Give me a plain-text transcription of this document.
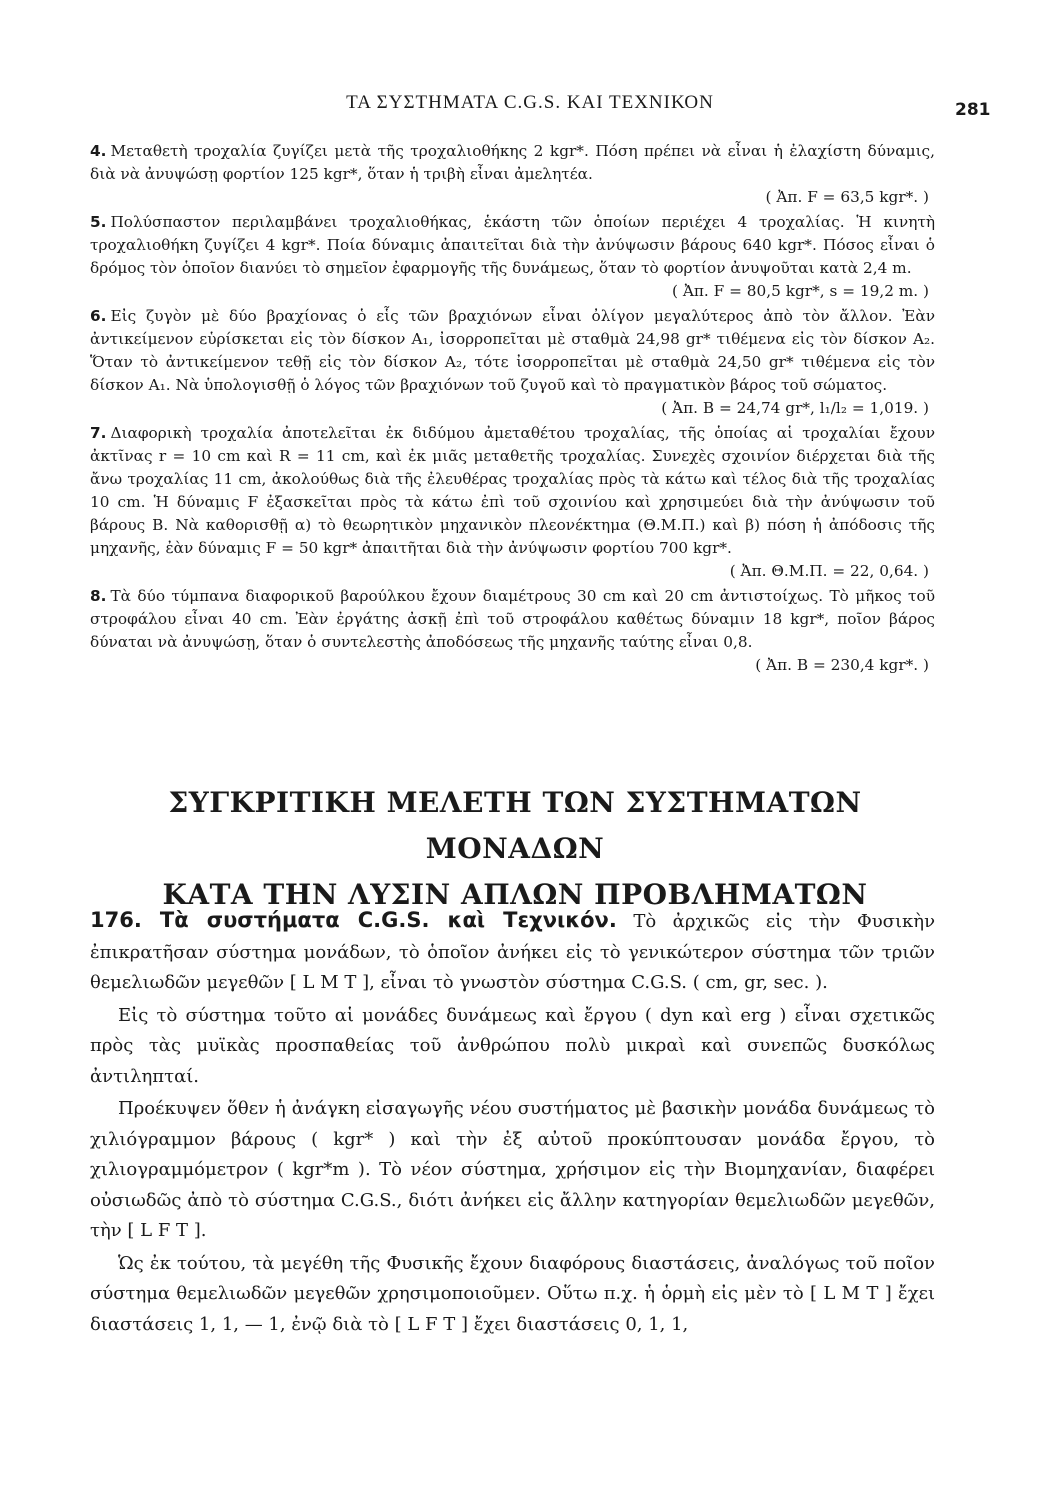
ΤΑ ΣΥΣΤΗΜΑΤΑ C.G.S. ΚΑΙ ΤΕΧΝΙΚΟΝ	281
4. Μεταθετὴ τροχαλία ζυγίζει μετὰ τῆς τροχαλιοθήκης 2 kgr*. Πόση πρέπει νὰ εἶναι ἡ ἐλαχίστη δύναμις, διὰ νὰ ἀνυψώσῃ φορτίον 125 kgr*, ὅταν ἡ τριβὴ εἶναι ἀμελητέα.
( Ἀπ. F = 63,5 kgr*. )
5. Πολύσπαστον περιλαμβάνει τροχαλιοθήκας, ἑκάστη τῶν ὁποίων περιέχει 4 τροχαλίας. Ἡ κινητὴ τροχαλιοθήκη ζυγίζει 4 kgr*. Ποία δύναμις ἀπαιτεῖται διὰ τὴν ἀνύψωσιν βάρους 640 kgr*. Πόσος εἶναι ὁ δρόμος τὸν ὁποῖον διανύει τὸ σημεῖον ἐφαρμογῆς τῆς δυνάμεως, ὅταν τὸ φορτίον ἀνυψοῦται κατὰ 2,4 m.
( Ἀπ. F = 80,5 kgr*, s = 19,2 m. )
6. Εἰς ζυγὸν μὲ δύο βραχίονας ὁ εἷς τῶν βραχιόνων εἶναι ὀλίγον μεγαλύτερος ἀπὸ τὸν ἄλλον. Ἐὰν ἀντικείμενον εὑρίσκεται εἰς τὸν δίσκον A₁, ἰσορροπεῖται μὲ σταθμὰ 24,98 gr* τιθέμενα εἰς τὸν δίσκον A₂. Ὅταν τὸ ἀντικείμενον τεθῇ εἰς τὸν δίσκον A₂, τότε ἰσορροπεῖται μὲ σταθμὰ 24,50 gr* τιθέμενα εἰς τὸν δίσκον A₁. Νὰ ὑπολογισθῇ ὁ λόγος τῶν βραχιόνων τοῦ ζυγοῦ καὶ τὸ πραγματικὸν βάρος τοῦ σώματος.
( Ἀπ. B = 24,74 gr*, l₁/l₂ = 1,019. )
7. Διαφορικὴ τροχαλία ἀποτελεῖται ἐκ διδύμου ἀμεταθέτου τροχαλίας, τῆς ὁποίας αἱ τροχαλίαι ἔχουν ἀκτῖνας r = 10 cm καὶ R = 11 cm, καὶ ἐκ μιᾶς μεταθετῆς τροχαλίας. Συνεχὲς σχοινίον διέρχεται διὰ τῆς ἄνω τροχαλίας 11 cm, ἀκολούθως διὰ τῆς ἐλευθέρας τροχαλίας πρὸς τὰ κάτω καὶ τέλος διὰ τῆς τροχαλίας 10 cm. Ἡ δύναμις F ἐξασκεῖται πρὸς τὰ κάτω ἐπὶ τοῦ σχοινίου καὶ χρησιμεύει διὰ τὴν ἀνύψωσιν τοῦ βάρους B. Νὰ καθορισθῇ α) τὸ θεωρητικὸν μηχανικὸν πλεονέκτημα (Θ.Μ.Π.) καὶ β) πόση ἡ ἀπόδοσις τῆς μηχανῆς, ἐὰν δύναμις F = 50 kgr* ἀπαιτῆται διὰ τὴν ἀνύψωσιν φορτίου 700 kgr*.
( Ἀπ. Θ.Μ.Π. = 22, 0,64. )
8. Τὰ δύο τύμπανα διαφορικοῦ βαρούλκου ἔχουν διαμέτρους 30 cm καὶ 20 cm ἀντιστοίχως. Τὸ μῆκος τοῦ στροφάλου εἶναι 40 cm. Ἐὰν ἐργάτης ἀσκῇ ἐπὶ τοῦ στροφάλου καθέτως δύναμιν 18 kgr*, ποῖον βάρος δύναται νὰ ἀνυψώσῃ, ὅταν ὁ συντελεστὴς ἀποδόσεως τῆς μηχανῆς ταύτης εἶναι 0,8.
( Ἀπ. B = 230,4 kgr*. )
ΣΥΓΚΡΙΤΙΚΗ ΜΕΛΕΤΗ ΤΩΝ ΣΥΣΤΗΜΑΤΩΝ ΜΟΝΑΔΩΝ
ΚΑΤΑ ΤΗΝ ΛΥΣΙΝ ΑΠΛΩΝ ΠΡΟΒΛΗΜΑΤΩΝ

176. Τὰ συστήματα C.G.S. καὶ Τεχνικόν. Τὸ ἀρχικῶς εἰς τὴν Φυσικὴν ἐπικρατῆσαν σύστημα μονάδων, τὸ ὁποῖον ἀνήκει εἰς τὸ γενικώτερον σύστημα τῶν τριῶν θεμελιωδῶν μεγεθῶν [ L M T ], εἶναι τὸ γνωστὸν σύστημα C.G.S. ( cm, gr, sec. ).

Εἰς τὸ σύστημα τοῦτο αἱ μονάδες δυνάμεως καὶ ἔργου ( dyn καὶ erg ) εἶναι σχετικῶς πρὸς τὰς μυϊκὰς προσπαθείας τοῦ ἀνθρώπου πολὺ μικραὶ καὶ συνεπῶς δυσκόλως ἀντιληπταί.

Προέκυψεν ὅθεν ἡ ἀνάγκη εἰσαγωγῆς νέου συστήματος μὲ βασικὴν μονάδα δυνάμεως τὸ χιλιόγραμμον βάρους ( kgr* ) καὶ τὴν ἐξ αὐτοῦ προκύπτουσαν μονάδα ἔργου, τὸ χιλιογραμμόμετρον ( kgr*m ). Τὸ νέον σύστημα, χρήσιμον εἰς τὴν Βιομηχανίαν, διαφέρει οὐσιωδῶς ἀπὸ τὸ σύστημα C.G.S., διότι ἀνήκει εἰς ἄλλην κατηγορίαν θεμελιωδῶν μεγεθῶν, τὴν [ L F T ].

Ὡς ἐκ τούτου, τὰ μεγέθη τῆς Φυσικῆς ἔχουν διαφόρους διαστάσεις, ἀναλόγως τοῦ ποῖον σύστημα θεμελιωδῶν μεγεθῶν χρησιμοποιοῦμεν. Οὕτω π.χ. ἡ ὁρμὴ εἰς μὲν τὸ [ L M T ] ἔχει διαστάσεις 1, 1, — 1, ἐνῷ διὰ τὸ [ L F T ] ἔχει διαστάσεις 0, 1, 1,
